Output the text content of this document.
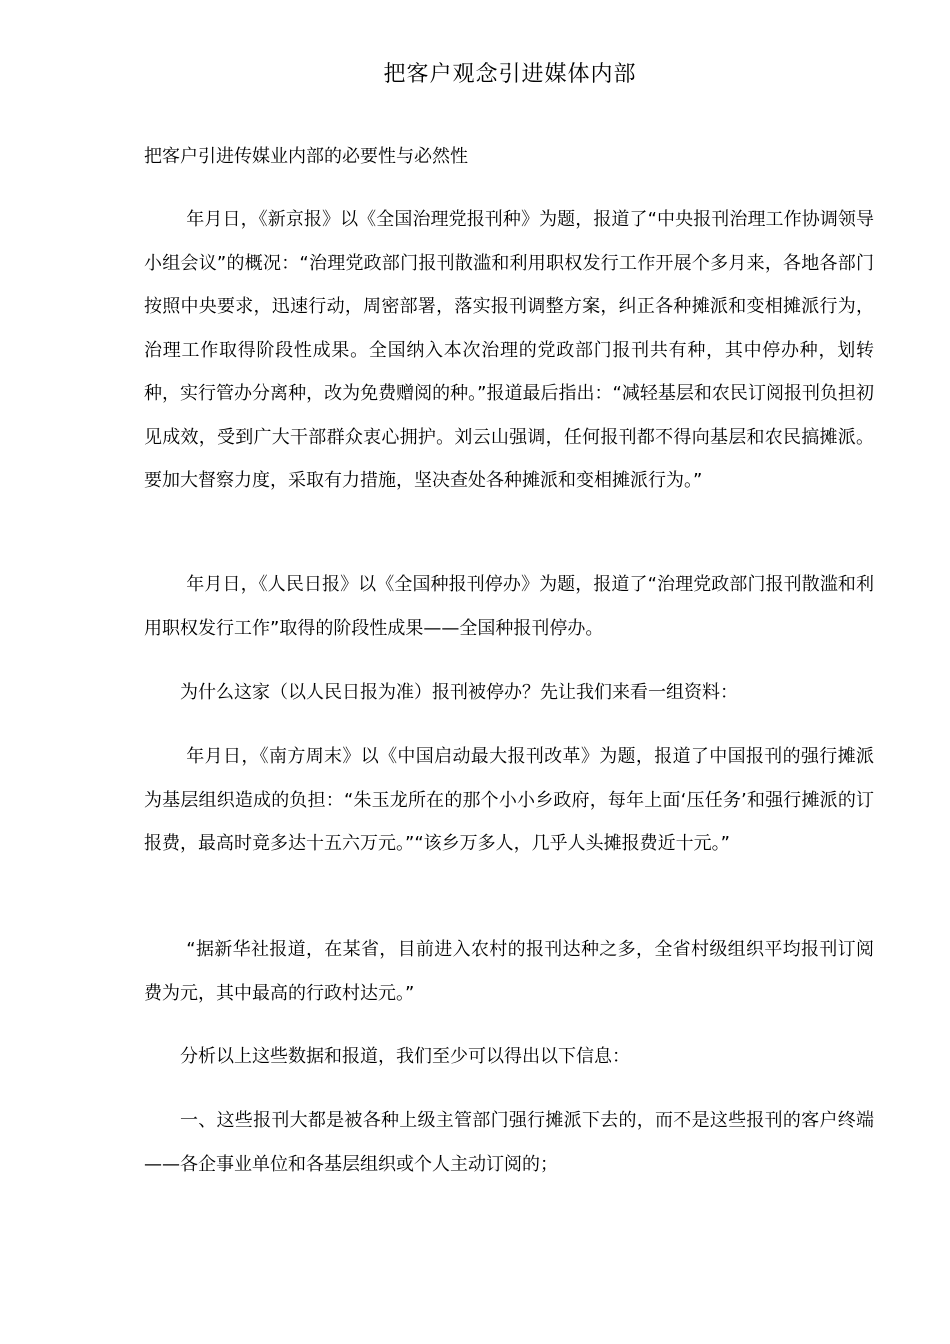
把客户观念引进媒体内部
把客户引进传媒业内部的必要性与必然性

年月日，《新京报》以《全国治理党报刊种》为题，报道了“中央报刊治理工作协调领导小组会议”的概况：“治理党政部门报刊散滥和利用职权发行工作开展个多月来，各地各部门按照中央要求，迅速行动，周密部署，落实报刊调整方案，纠正各种摊派和变相摊派行为，治理工作取得阶段性成果。全国纳入本次治理的党政部门报刊共有种，其中停办种，划转种，实行管办分离种，改为免费赠阅的种。”报道最后指出：“减轻基层和农民订阅报刊负担初见成效，受到广大干部群众衷心拥护。刘云山强调，任何报刊都不得向基层和农民搞摊派。要加大督察力度，采取有力措施，坚决查处各种摊派和变相摊派行为。”

年月日，《人民日报》以《全国种报刊停办》为题，报道了“治理党政部门报刊散滥和利用职权发行工作”取得的阶段性成果——全国种报刊停办。

为什么这家（以人民日报为准）报刊被停办？先让我们来看一组资料：

年月日，《南方周末》以《中国启动最大报刊改革》为题，报道了中国报刊的强行摊派为基层组织造成的负担：“朱玉龙所在的那个小小乡政府，每年上面‘压任务’和强行摊派的订报费，最高时竟多达十五六万元。”“该乡万多人，几乎人头摊报费近十元。”

“据新华社报道，在某省，目前进入农村的报刊达种之多，全省村级组织平均报刊订阅费为元，其中最高的行政村达元。”

分析以上这些数据和报道，我们至少可以得出以下信息：

一、这些报刊大都是被各种上级主管部门强行摊派下去的，而不是这些报刊的客户终端——各企事业单位和各基层组织或个人主动订阅的；
